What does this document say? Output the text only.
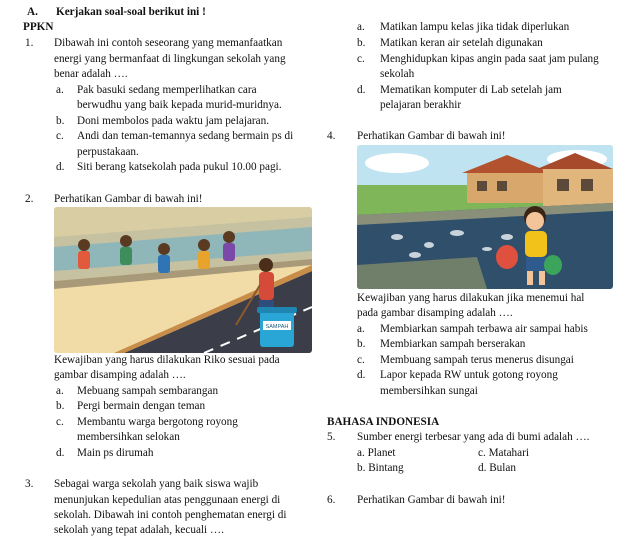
A. Kerjakan soal-soal berikut ini !
PPKN
1. Dibawah ini contoh seseorang yang memanfaatkan
energi yang bermanfaat di lingkungan sekolah yang
benar adalah ….
a. Pak basuki sedang memperlihatkan cara
berwudhu yang baik kepada murid-muridnya.
b. Doni membolos pada waktu jam pelajaran.
c. Andi dan teman-temannya sedang bermain ps di
perpustakaan.
d. Siti berang katsekolah pada pukul 10.00 pagi.
2. Perhatikan Gambar di bawah ini!
SAMPAH
Kewajiban yang harus dilakukan Riko sesuai pada
gambar disamping adalah ….
a. Mebuang sampah sembarangan
b. Pergi bermain dengan teman
c. Membantu warga bergotong royong
membersihkan selokan
d. Main ps dirumah
3. Sebagai warga sekolah yang baik siswa wajib
menunjukan kepedulian atas penggunaan energi di
sekolah. Dibawah ini contoh penghematan energi di
sekolah yang tepat adalah, kecuali ….
a. Matikan lampu kelas jika tidak diperlukan
b. Matikan keran air setelah digunakan
c. Menghidupkan kipas angin pada saat jam pulang
sekolah
d. Mematikan komputer di Lab setelah jam
pelajaran berakhir
4. Perhatikan Gambar di bawah ini!
Kewajiban yang harus dilakukan jika menemui hal
pada gambar disamping adalah ….
a. Membiarkan sampah terbawa air sampai habis
b. Membiarkan sampah berserakan
c. Membuang sampah terus menerus disungai
d. Lapor kepada RW untuk gotong royong
membersihkan sungai
BAHASA INDONESIA
5. Sumber energi terbesar yang ada di bumi adalah ….
a. Planet	c. Matahari
b. Bintang	d. Bulan
6. Perhatikan Gambar di bawah ini!
